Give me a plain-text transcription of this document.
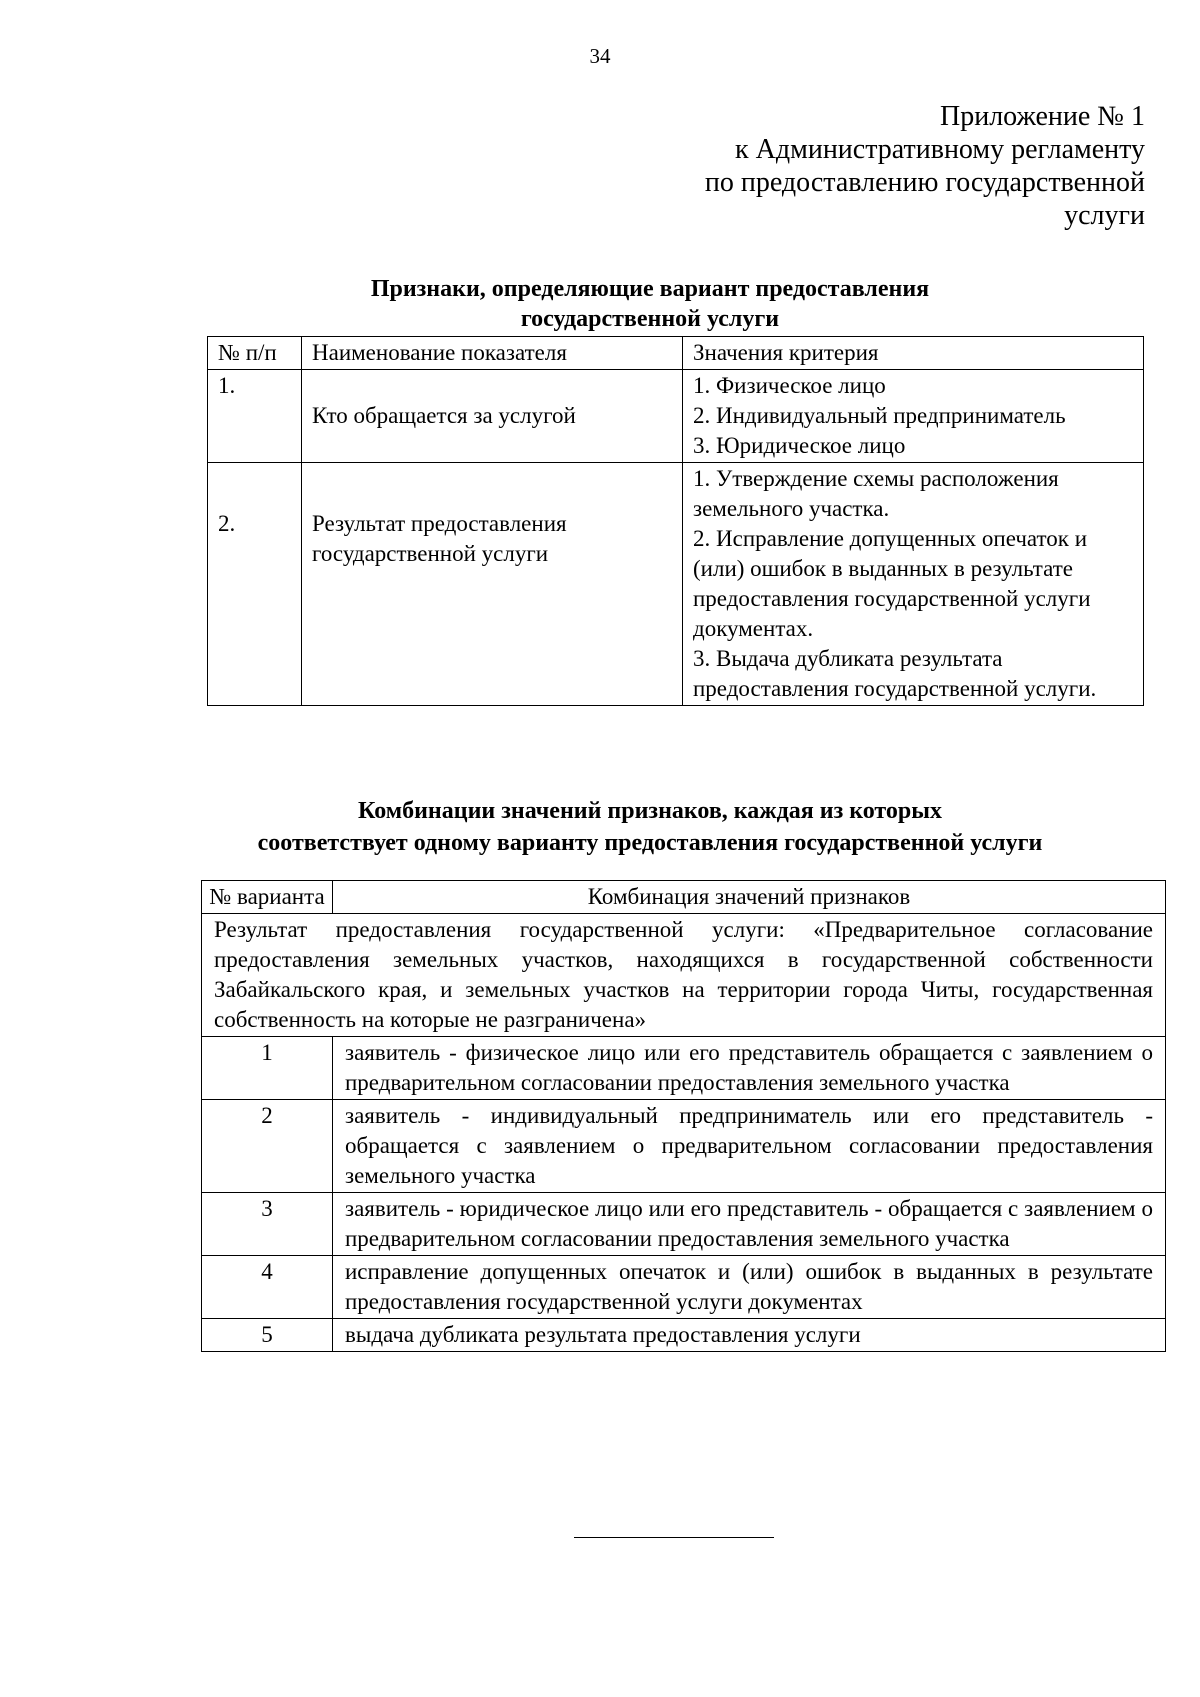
34
Приложение № 1
к Административному регламенту
по предоставлению государственной
услуги
Признаки, определяющие вариант предоставления
государственной услуги
№ п/п	Наименование показателя	Значения критерия
1.	Кто обращается за услугой	1. Физическое лицо
2. Индивидуальный предприниматель
3. Юридическое лицо

2.	Результат предоставления государственной услуги	1. Утверждение схемы расположения земельного участка.
2. Исправление допущенных опечаток и (или) ошибок в выданных в результате предоставления государственной услуги документах.
3. Выдача дубликата результата предоставления государственной услуги.
Комбинации значений признаков, каждая из которых
соответствует одному варианту предоставления государственной услуги
№ варианта	Комбинация значений признаков
Результат предоставления государственной услуги: «Предварительное согласование предоставления земельных участков, находящихся в государственной собственности Забайкальского края, и земельных участков на территории города Читы, государственная собственность на которые не разграничена»	
1	заявитель - физическое лицо или его представитель обращается с заявлением о предварительном согласовании предоставления земельного участка
2	заявитель - индивидуальный предприниматель или его представитель - обращается с заявлением о предварительном согласовании предоставления земельного участка
3	заявитель - юридическое лицо или его представитель - обращается с заявлением о предварительном согласовании предоставления земельного участка
4	исправление допущенных опечаток и (или) ошибок в выданных в результате предоставления государственной услуги документах
5	выдача дубликата результата предоставления услуги
